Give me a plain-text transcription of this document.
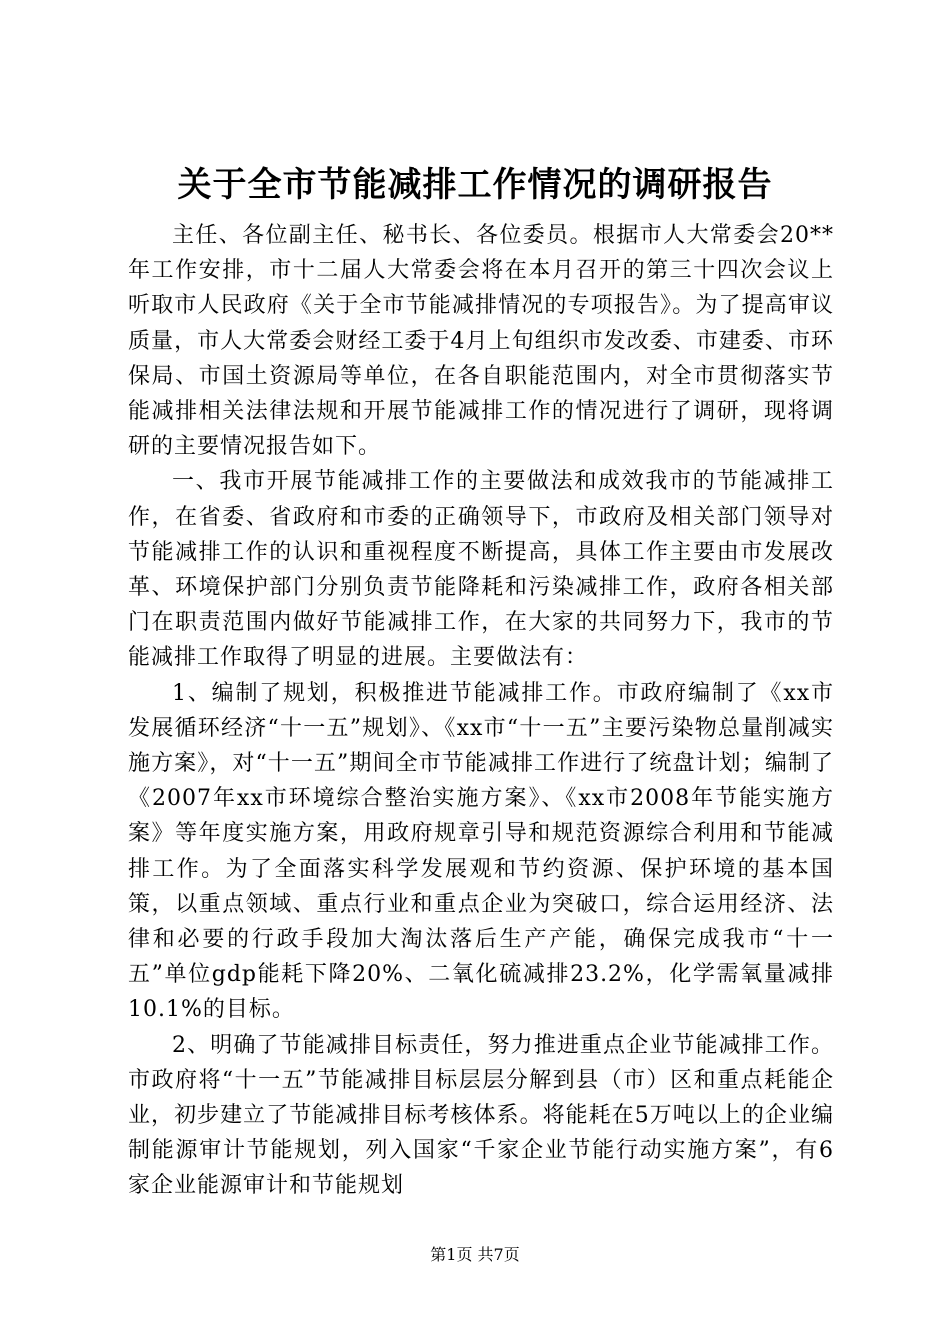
关于全市节能减排工作情况的调研报告

主任、各位副主任、秘书长、各位委员。根据市人大常委会20**年工作安排，市十二届人大常委会将在本月召开的第三十四次会议上听取市人民政府《关于全市节能减排情况的专项报告》。为了提高审议质量，市人大常委会财经工委于4月上旬组织市发改委、市建委、市环保局、市国土资源局等单位，在各自职能范围内，对全市贯彻落实节能减排相关法律法规和开展节能减排工作的情况进行了调研，现将调研的主要情况报告如下。

一、我市开展节能减排工作的主要做法和成效我市的节能减排工作，在省委、省政府和市委的正确领导下，市政府及相关部门领导对节能减排工作的认识和重视程度不断提高，具体工作主要由市发展改革、环境保护部门分别负责节能降耗和污染减排工作，政府各相关部门在职责范围内做好节能减排工作，在大家的共同努力下，我市的节能减排工作取得了明显的进展。主要做法有：

1、编制了规划，积极推进节能减排工作。市政府编制了《xx市发展循环经济“十一五”规划》、《xx市“十一五”主要污染物总量削减实施方案》，对“十一五”期间全市节能减排工作进行了统盘计划；编制了《2007年xx市环境综合整治实施方案》、《xx市2008年节能实施方案》等年度实施方案，用政府规章引导和规范资源综合利用和节能减排工作。为了全面落实科学发展观和节约资源、保护环境的基本国策，以重点领域、重点行业和重点企业为突破口，综合运用经济、法律和必要的行政手段加大淘汰落后生产产能，确保完成我市“十一五”单位gdp能耗下降20%、二氧化硫减排23.2%，化学需氧量减排10.1%的目标。

2、明确了节能减排目标责任，努力推进重点企业节能减排工作。市政府将“十一五”节能减排目标层层分解到县（市）区和重点耗能企业，初步建立了节能减排目标考核体系。将能耗在5万吨以上的企业编制能源审计节能规划，列入国家“千家企业节能行动实施方案”，有6家企业能源审计和节能规划

第1页 共7页
